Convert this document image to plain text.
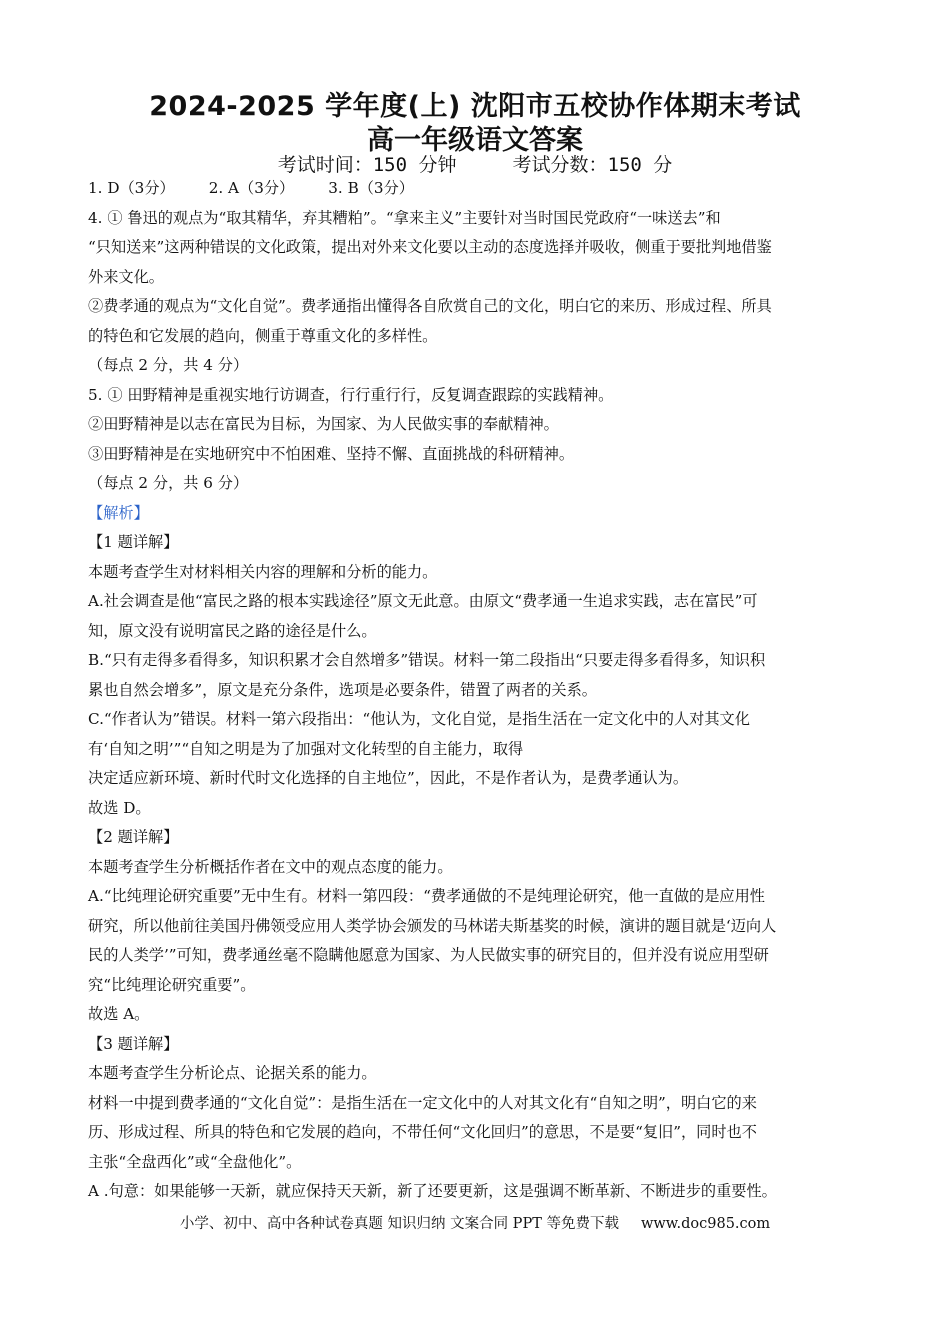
2024-2025 学年度(上) 沈阳市五校协作体期末考试
高一年级语文答案
考试时间：150 分钟	考试分数：150 分
1. D（3分） 2. A（3分） 3. B（3分）
4. ① 鲁迅的观点为“取其精华，弃其糟粕”。“拿来主义”主要针对当时国民党政府“一味送去”和
“只知送来”这两种错误的文化政策，提出对外来文化要以主动的态度选择并吸收，侧重于要批判地借鉴
外来文化。
②费孝通的观点为“文化自觉”。费孝通指出懂得各自欣赏自己的文化，明白它的来历、形成过程、所具
的特色和它发展的趋向，侧重于尊重文化的多样性。
（每点 2 分，共 4 分）
5. ① 田野精神是重视实地行访调查，行行重行行，反复调查跟踪的实践精神。
②田野精神是以志在富民为目标，为国家、为人民做实事的奉献精神。
③田野精神是在实地研究中不怕困难、坚持不懈、直面挑战的科研精神。
（每点 2 分，共 6 分）
【解析】
【1 题详解】
本题考查学生对材料相关内容的理解和分析的能力。
A.社会调查是他“富民之路的根本实践途径”原文无此意。由原文“费孝通一生追求实践，志在富民”可
知，原文没有说明富民之路的途径是什么。
B.“只有走得多看得多，知识积累才会自然增多”错误。材料一第二段指出“只要走得多看得多，知识积
累也自然会增多”，原文是充分条件，选项是必要条件，错置了两者的关系。
C.“作者认为”错误。材料一第六段指出：“他认为，文化自觉，是指生活在一定文化中的人对其文化
有‘自知之明’”“自知之明是为了加强对文化转型的自主能力，取得
决定适应新环境、新时代时文化选择的自主地位”，因此，不是作者认为，是费孝通认为。
故选 D。
【2 题详解】
本题考查学生分析概括作者在文中的观点态度的能力。
A.“比纯理论研究重要”无中生有。材料一第四段：“费孝通做的不是纯理论研究，他一直做的是应用性
研究，所以他前往美国丹佛领受应用人类学协会颁发的马林诺夫斯基奖的时候，演讲的题目就是‘迈向人
民的人类学’”可知，费孝通丝毫不隐瞒他愿意为国家、为人民做实事的研究目的，但并没有说应用型研
究“比纯理论研究重要”。
故选 A。
【3 题详解】
本题考查学生分析论点、论据关系的能力。
材料一中提到费孝通的“文化自觉”：是指生活在一定文化中的人对其文化有“自知之明”，明白它的来
历、形成过程、所具的特色和它发展的趋向，不带任何“文化回归”的意思，不是要“复旧”，同时也不
主张“全盘西化”或“全盘他化”。
A .句意：如果能够一天新，就应保持天天新，新了还要更新，这是强调不断革新、不断进步的重要性。
小学、初中、高中各种试卷真题 知识归纳 文案合同 PPT 等免费下载 www.doc985.com
